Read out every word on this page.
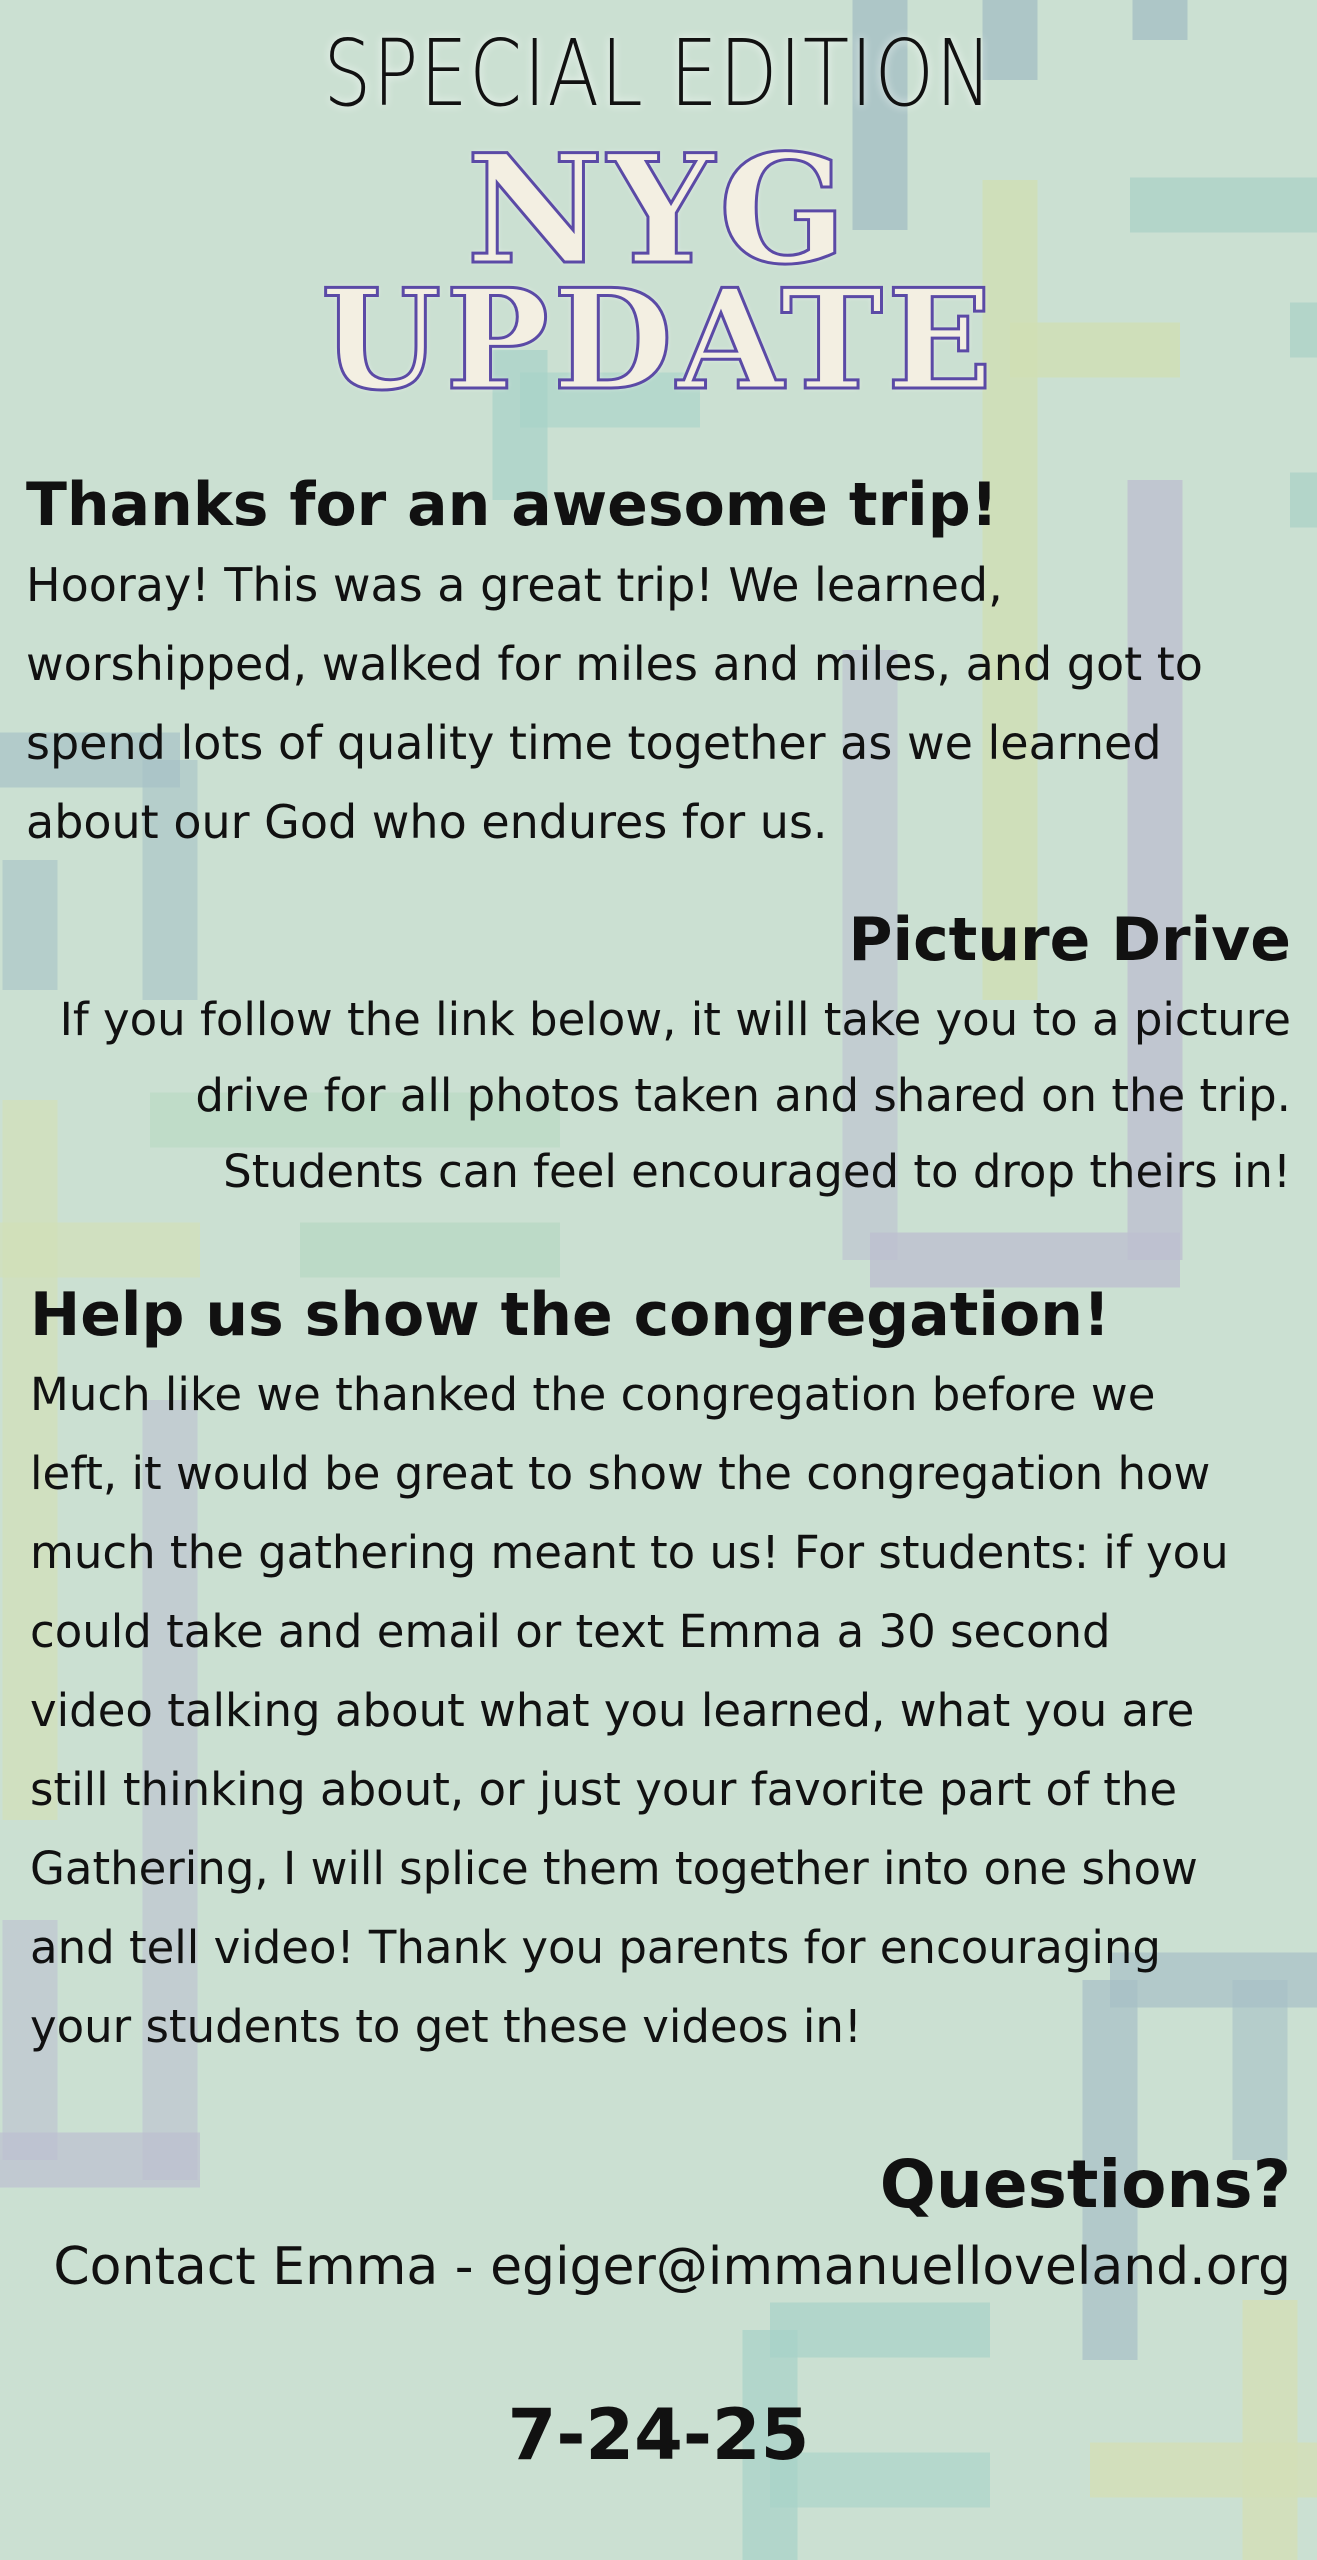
SPECIAL EDITION
NYG
UPDATE
Thanks for an awesome trip!
Hooray! This was a great trip! We learned, worshipped, walked for miles and miles, and got to spend lots of quality time together as we learned about our God who endures for us.
Picture Drive
If you follow the link below, it will take you to a picture drive for all photos taken and shared on the trip. Students can feel encouraged to drop theirs in!
Help us show the congregation!
Much like we thanked the congregation before we left, it would be great to show the congregation how much the gathering meant to us! For students: if you could take and email or text Emma a 30 second video talking about what you learned, what you are still thinking about, or just your favorite part of the Gathering, I will splice them together into one show and tell video! Thank you parents for encouraging your students to get these videos in!
Questions?
Contact Emma - egiger@immanuelloveland.org
7-24-25
